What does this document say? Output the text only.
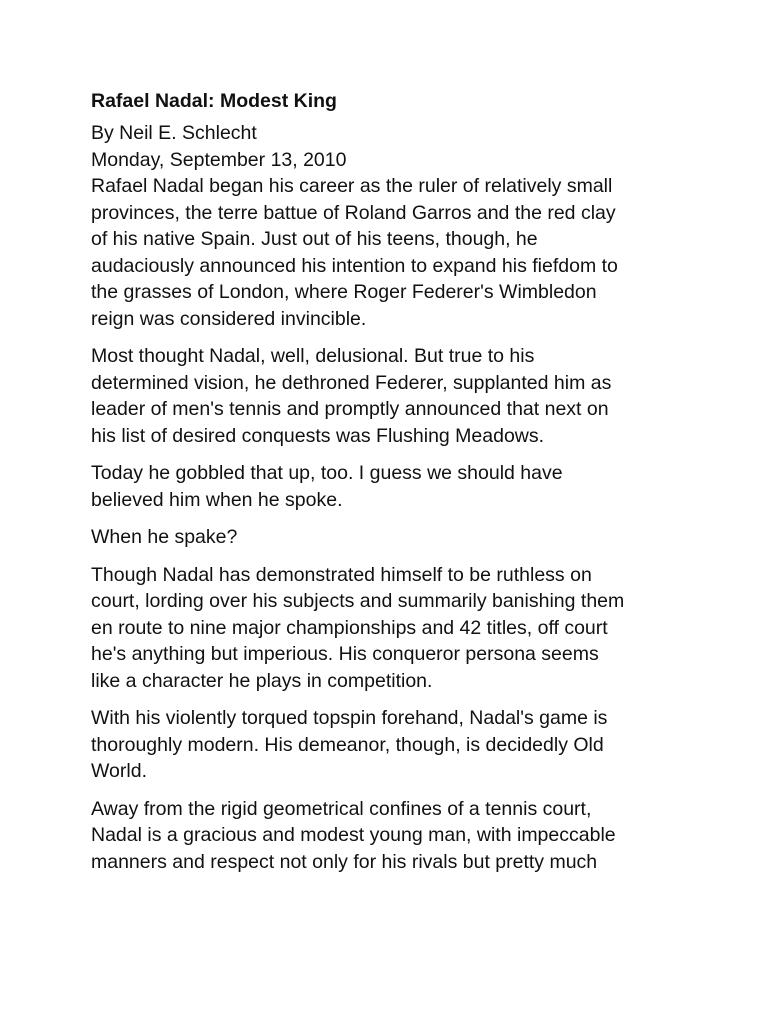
Rafael Nadal: Modest King
By Neil E. Schlecht
Monday, September 13, 2010
Rafael Nadal began his career as the ruler of relatively small
provinces, the terre battue of Roland Garros and the red clay
of his native Spain. Just out of his teens, though, he
audaciously announced his intention to expand his fiefdom to
the grasses of London, where Roger Federer's Wimbledon
reign was considered invincible.
Most thought Nadal, well, delusional. But true to his
determined vision, he dethroned Federer, supplanted him as
leader of men's tennis and promptly announced that next on
his list of desired conquests was Flushing Meadows.
Today he gobbled that up, too. I guess we should have
believed him when he spoke.
When he spake?
Though Nadal has demonstrated himself to be ruthless on
court, lording over his subjects and summarily banishing them
en route to nine major championships and 42 titles, off court
he's anything but imperious. His conqueror persona seems
like a character he plays in competition.
With his violently torqued topspin forehand, Nadal's game is
thoroughly modern. His demeanor, though, is decidedly Old
World.
Away from the rigid geometrical confines of a tennis court,
Nadal is a gracious and modest young man, with impeccable
manners and respect not only for his rivals but pretty much
